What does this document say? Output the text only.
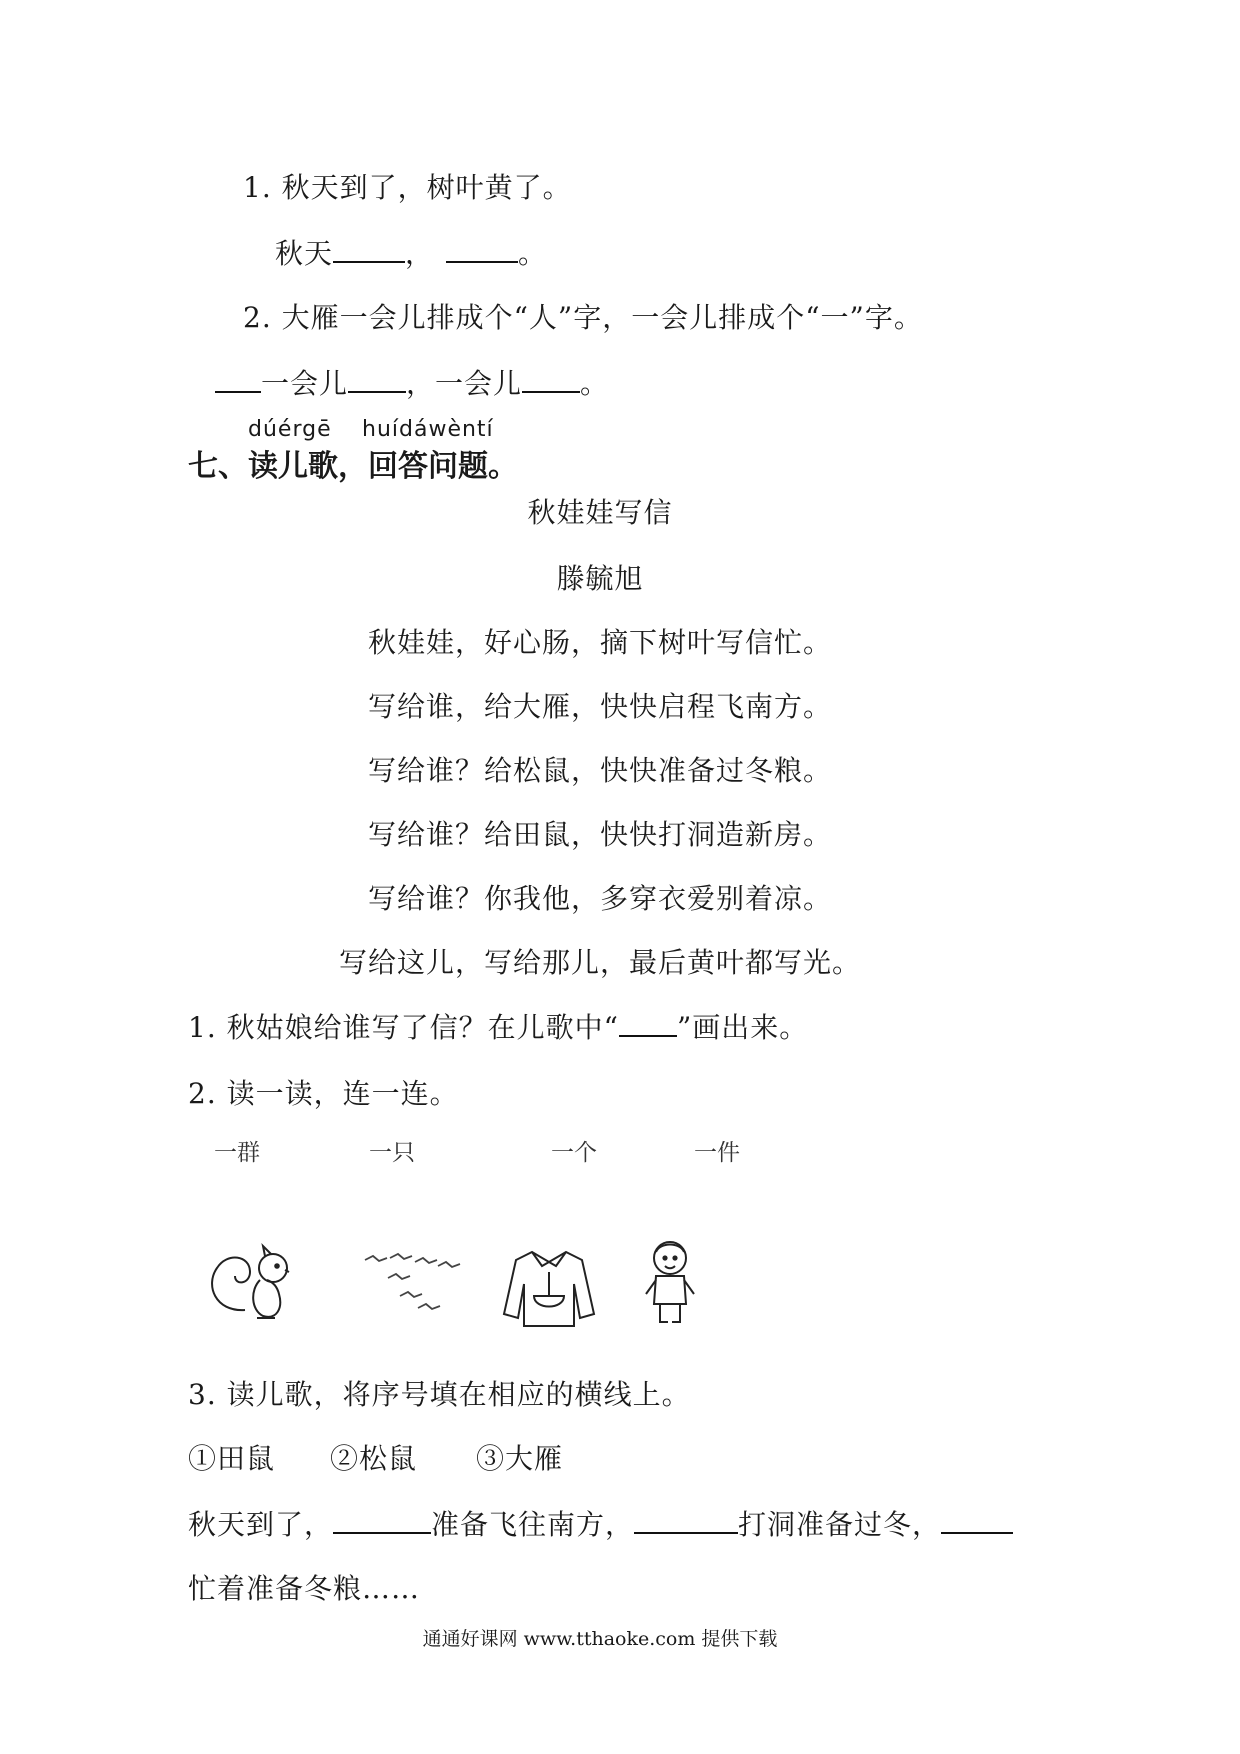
1. 秋天到了，树叶黄了。
秋天	，	。
2. 大雁一会儿排成个“人”字，一会儿排成个“一”字。
一会儿 ，一会儿 。
dúérgē huídáwèntí
七、读儿歌，回答问题。
秋娃娃写信
滕毓旭
秋娃娃，好心肠，摘下树叶写信忙。
写给谁，给大雁，快快启程飞南方。
写给谁？给松鼠，快快准备过冬粮。
写给谁？给田鼠，快快打洞造新房。
写给谁？你我他，多穿衣爱别着凉。
写给这儿，写给那儿，最后黄叶都写光。
1. 秋姑娘给谁写了信？在儿歌中“ ”画出来。
2. 读一读，连一连。
一群	一只	一个	一件
3. 读儿歌，将序号填在相应的横线上。
①田鼠 ②松鼠 ③大雁
秋天到了，	准备飞往南方，	打洞准备过冬，
忙着准备冬粮……
通通好课网 www.tthaoke.com 提供下载
